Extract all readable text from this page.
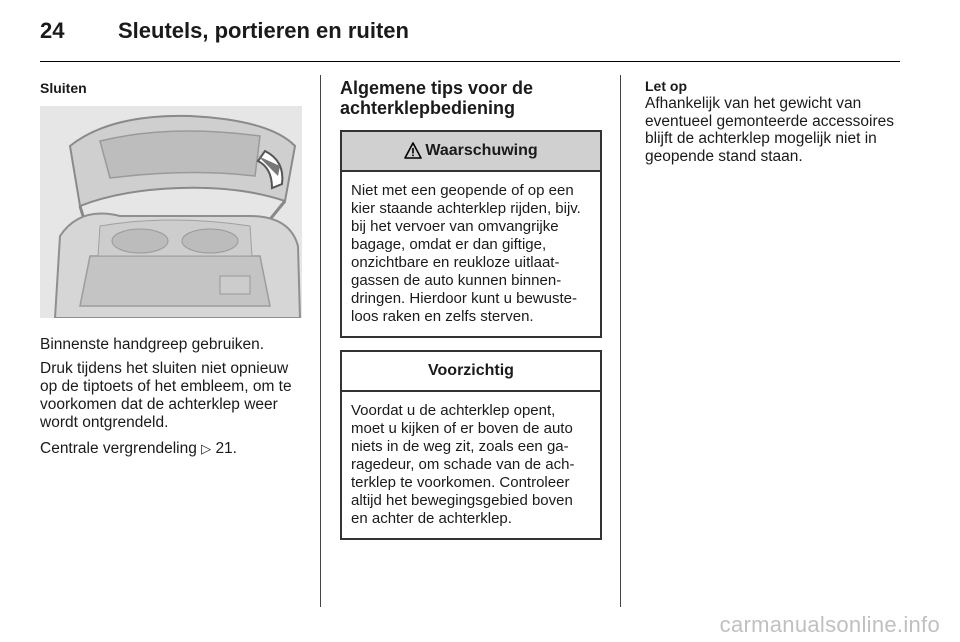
24 Sleutels, portieren en ruiten

Sluiten

Binnenste handgreep gebruiken.

Druk tijdens het sluiten niet opnieuw op de tiptoets of het embleem, om te voorkomen dat de achterklep weer wordt ontgrendeld.

Centrale vergrendeling ▷ 21.

Algemene tips voor de achterklepbediening

Waarschuwing
Niet met een geopende of op een kier staande achterklep rijden, bijv. bij het vervoer van omvangrijke bagage, omdat er dan giftige, onzichtbare en reukloze uitlaatgassen de auto kunnen binnendringen. Hierdoor kunt u bewusteloos raken en zelfs sterven.
Voorzichtig
Voordat u de achterklep opent, moet u kijken of er boven de auto niets in de weg zit, zoals een garagedeur, om schade van de achterklep te voorkomen. Controleer altijd het bewegingsgebied boven en achter de achterklep.

Let op

Afhankelijk van het gewicht van eventueel gemonteerde accessoires blijft de achterklep mogelijk niet in geopende stand staan.

carmanualsonline.info
